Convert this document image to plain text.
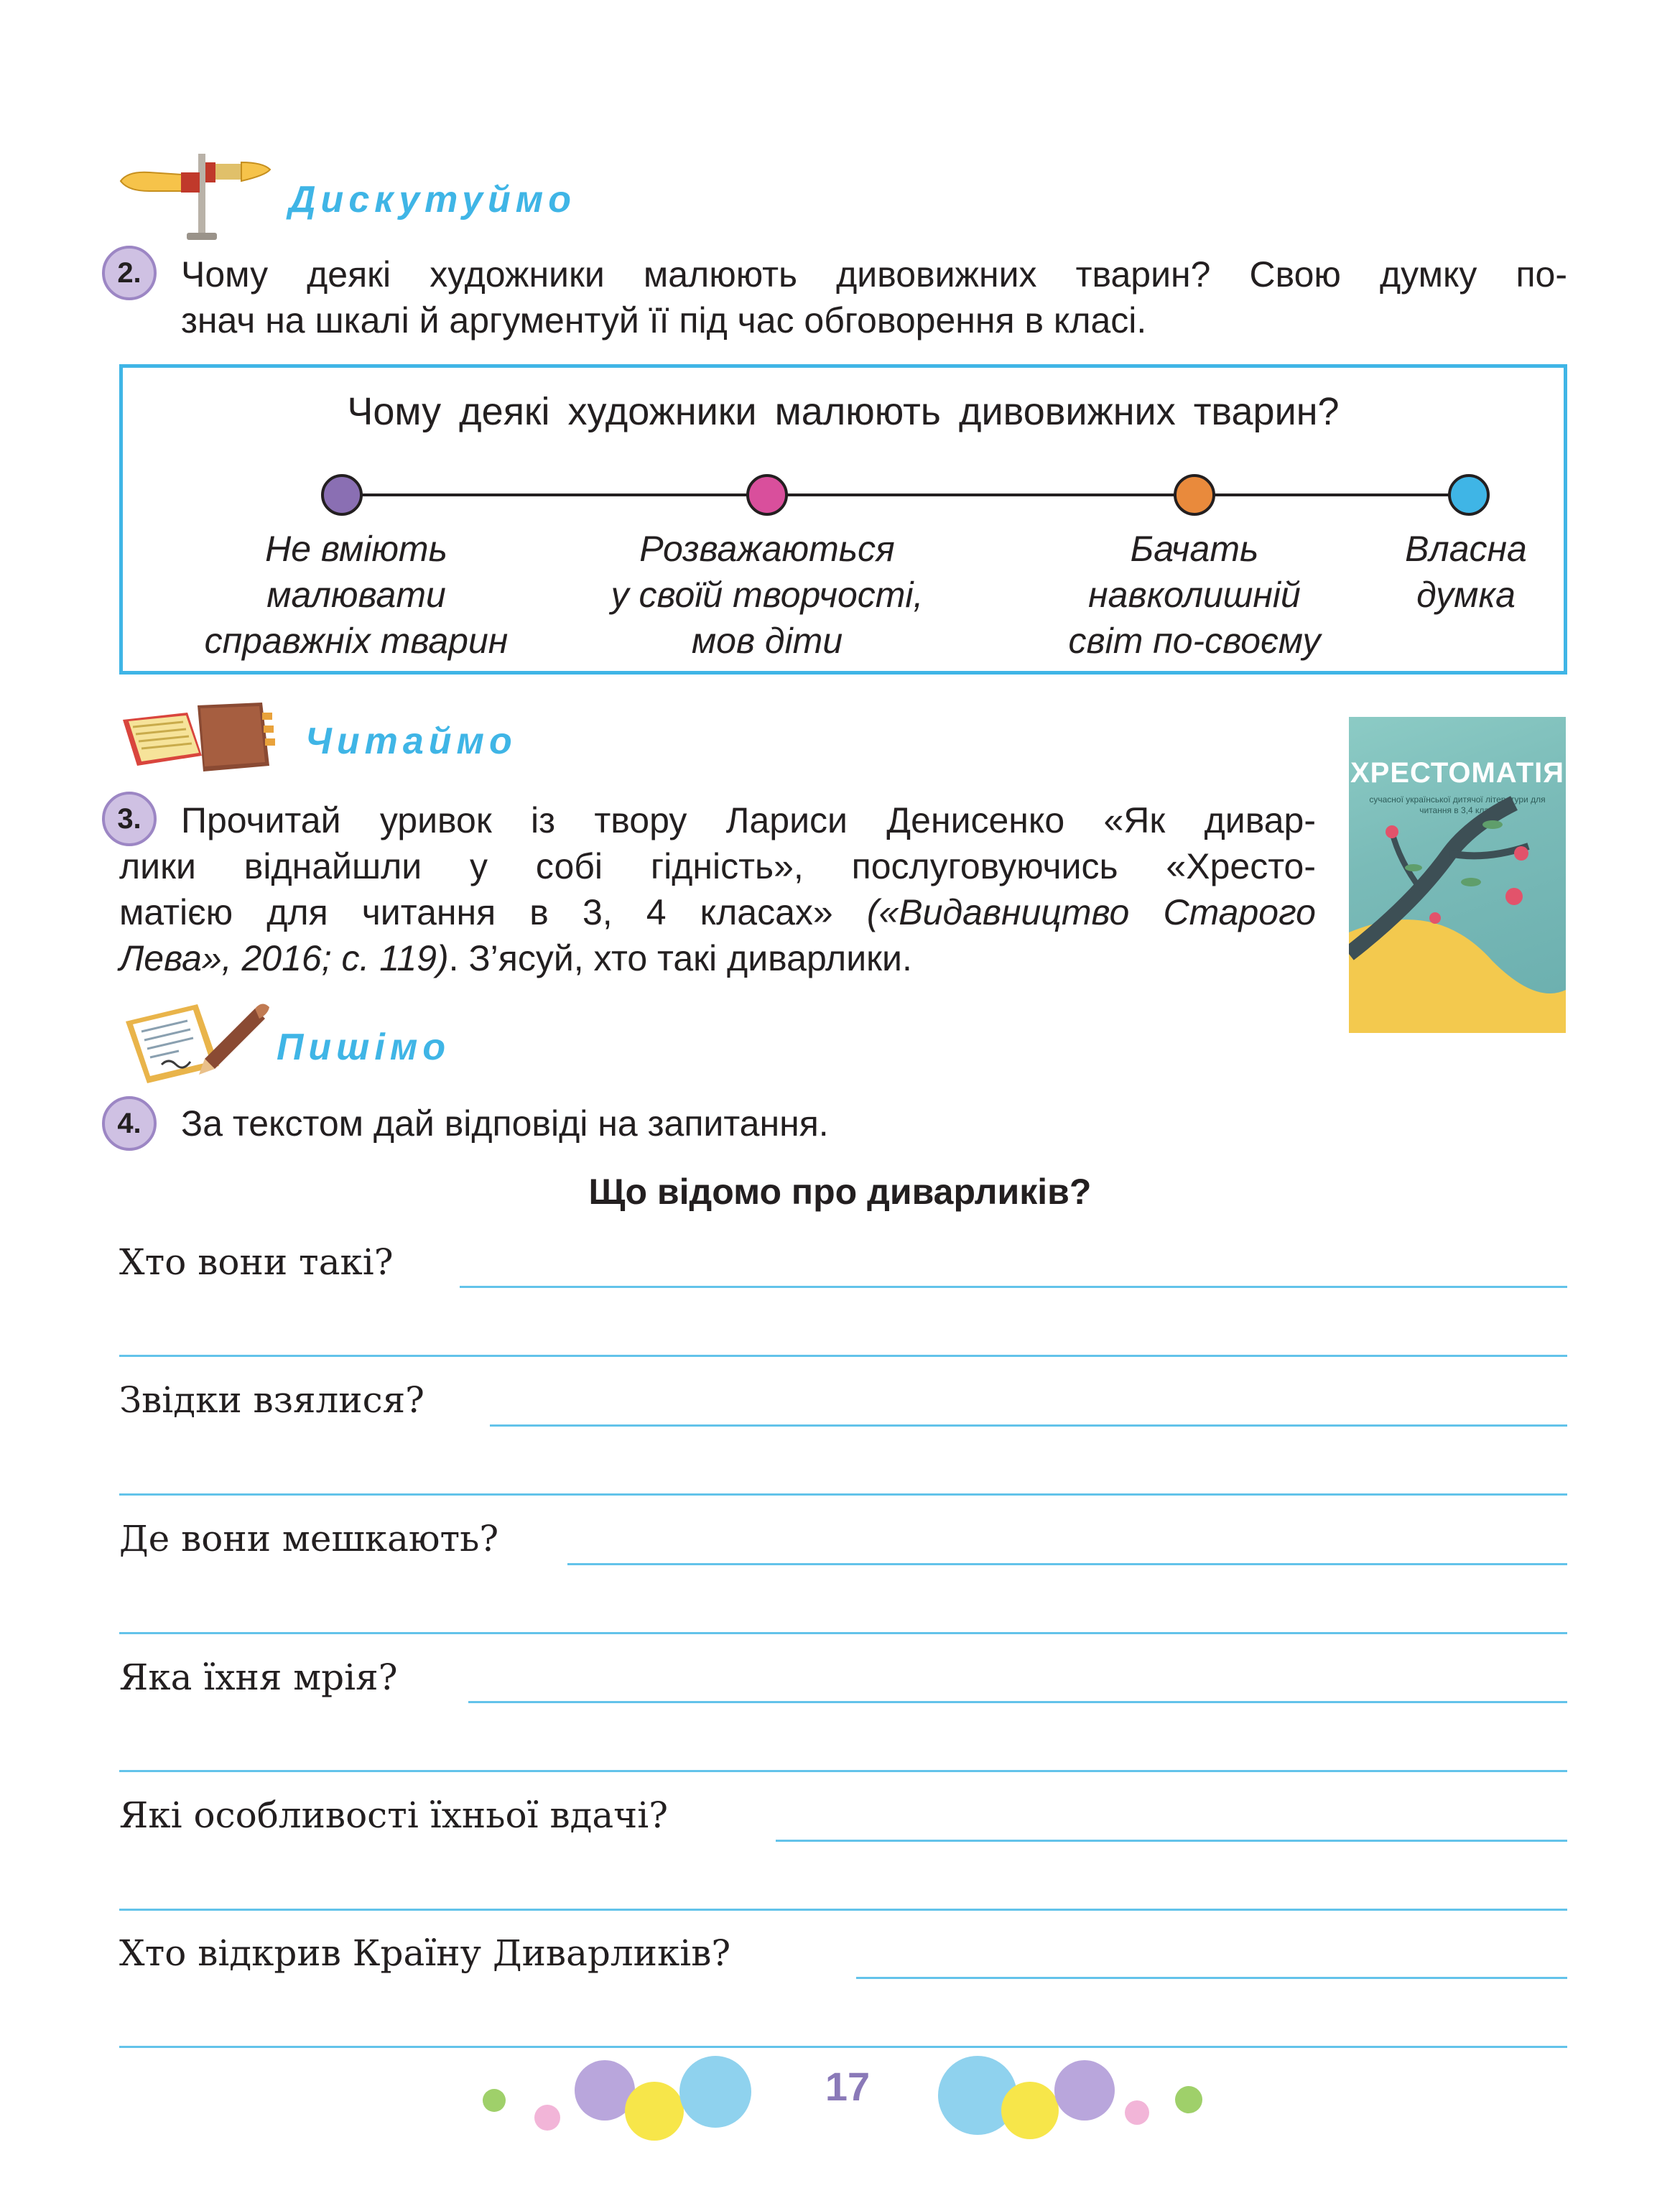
Дискутуймо
2.	Чому деякі художники малюють дивовижних тварин? Свою думку по-
знач на шкалі й аргументуй її під час обговорення в класі.
Чому деякі художники малюють дивовижних тварин?
Не вміють
малювати
справжніх тварин
Розважаються
у своїй творчості,
мов діти
Бачать
навколишній
світ по-своєму
Власна
думка
Читаймо
3.	Прочитай уривок із твору Лариси Денисенко «Як дивар-
лики віднайшли у собі гідність», послуговуючись «Хресто-
матією для читання в 3, 4 класах» («Видавництво Старого
Лева», 2016; с. 119). З’ясуй, хто такі диварлики.
ХРЕСТОМАТІЯ
сучасної української дитячої літератури для читання в 3,4 класі
Пишімо
4.	За текстом дай відповіді на запитання.
Що відомо про диварликів?
Хто вони такі?
Звідки взялися?
Де вони мешкають?
Яка їхня мрія?
Які особливості їхньої вдачі?
Хто відкрив Країну Диварликів?
17
